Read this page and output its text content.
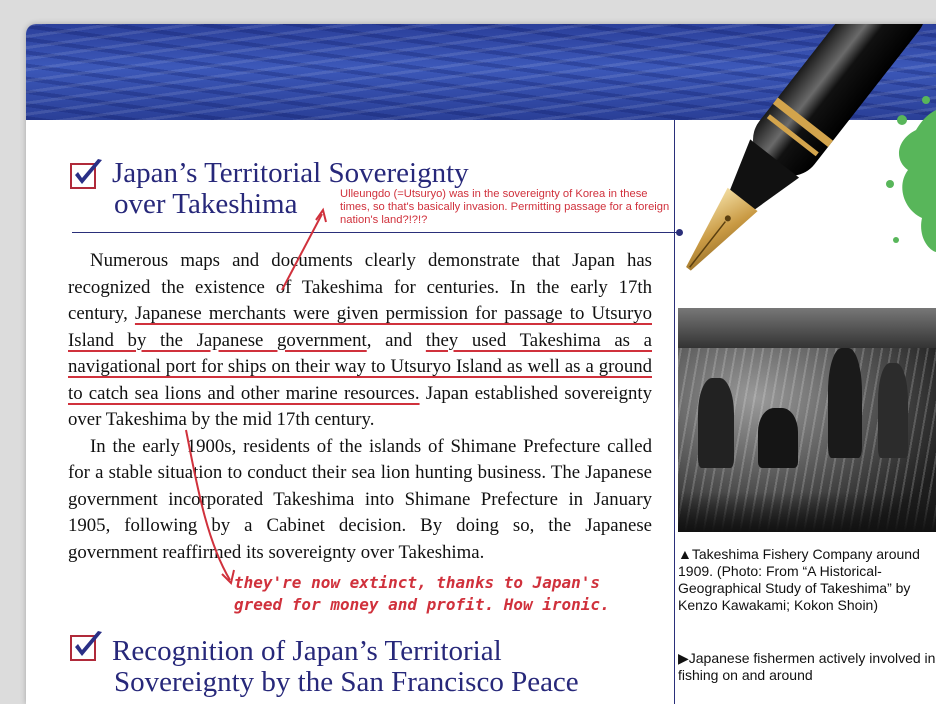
Japan’s Territorial Sovereignty
over Takeshima	Ulleungdo (=Utsuryo) was in the sovereignty of Korea in these times, so that's basically invasion. Permitting passage for a foreign nation's land?!?!?

Numerous maps and documents clearly demonstrate that Japan has recognized the existence of Takeshima for centuries. In the early 17th century, Japanese merchants were given permission for passage to Utsuryo Island by the Japanese government, and they used Takeshima as a navigational port for ships on their way to Utsuryo Island as well as a ground to catch sea lions and other marine resources. Japan established sovereignty over Takeshima by the mid 17th century.

In the early 1900s, residents of the islands of Shimane Prefecture called for a stable situation to conduct their sea lion hunting business. The Japanese government incorporated Takeshima into Shimane Prefecture in January 1905, following by a Cabinet decision. By doing so, the Japanese government reaffirmed its sovereignty over Takeshima.

they're now extinct, thanks to Japan's greed for money and profit. How ironic.
Recognition of Japan’s Territorial
Sovereignty by the San Francisco Peace
▲Takeshima Fishery Company around 1909. (Photo: From “A Historical-Geographical Study of Takeshima” by Kenzo Kawakami; Kokon Shoin)
▶Japanese fishermen actively involved in fishing on and around
